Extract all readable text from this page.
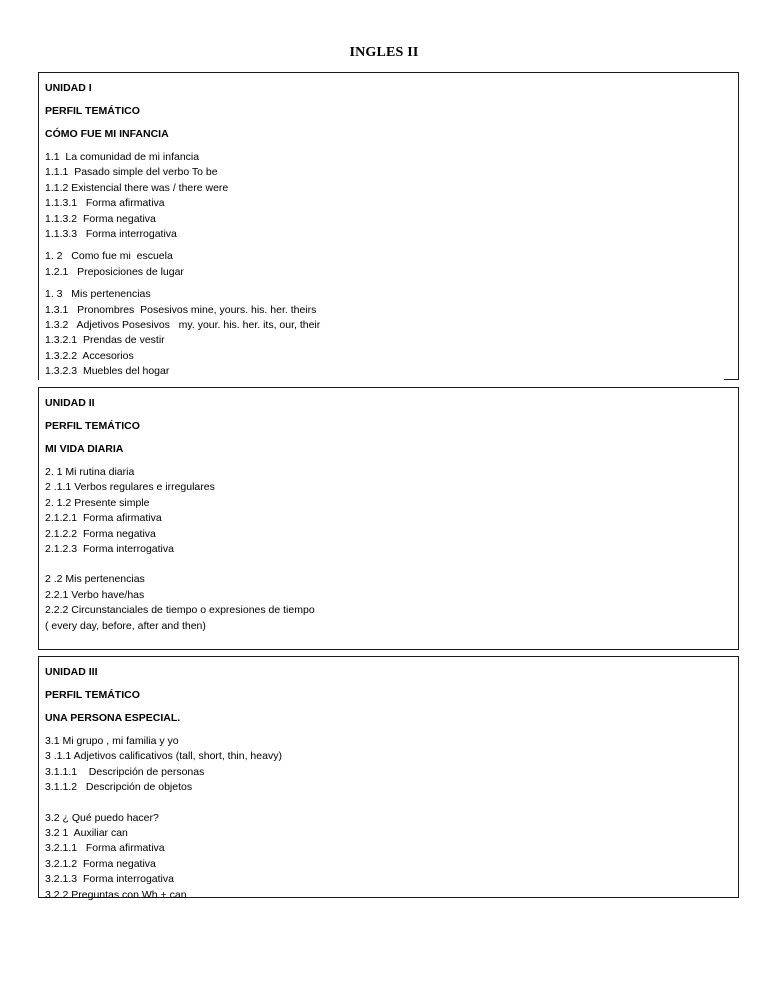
INGLES II
UNIDAD I
PERFIL TEMÁTICO
CÓMO FUE MI INFANCIA
1.1  La comunidad de mi infancia
1.1.1  Pasado simple del verbo To be
1.1.2 Existencial there was / there were
1.1.3.1   Forma afirmativa
1.1.3.2  Forma negativa
1.1.3.3   Forma interrogativa
1. 2   Como fue mi  escuela
1.2.1   Preposiciones de lugar
1. 3   Mis pertenencias
1.3.1   Pronombres  Posesivos mine, yours. his. her. theirs
1.3.2   Adjetivos Posesivos   my. your. his. her. its, our, their
1.3.2.1  Prendas de vestir
1.3.2.2  Accesorios
1.3.2.3  Muebles del hogar
UNIDAD II
PERFIL TEMÁTICO
MI VIDA DIARIA
2. 1 Mi rutina diaria
2 .1.1 Verbos regulares e irregulares
2. 1.2 Presente simple
2.1.2.1  Forma afirmativa
2.1.2.2  Forma negativa
2.1.2.3  Forma interrogativa
2 .2 Mis pertenencias
2.2.1 Verbo have/has
2.2.2 Circunstanciales de tiempo o expresiones de tiempo
( every day, before, after and then)
UNIDAD III
PERFIL TEMÁTICO
UNA PERSONA ESPECIAL.
3.1 Mi grupo , mi familia y yo
3 .1.1 Adjetivos calificativos (tall, short, thin, heavy)
3.1.1.1    Descripción de personas
3.1.1.2   Descripción de objetos
3.2 ¿ Qué puedo hacer?
3.2 1  Auxiliar can
3.2.1.1   Forma afirmativa
3.2.1.2  Forma negativa
3.2.1.3  Forma interrogativa
3.2.2 Preguntas con Wh + can
